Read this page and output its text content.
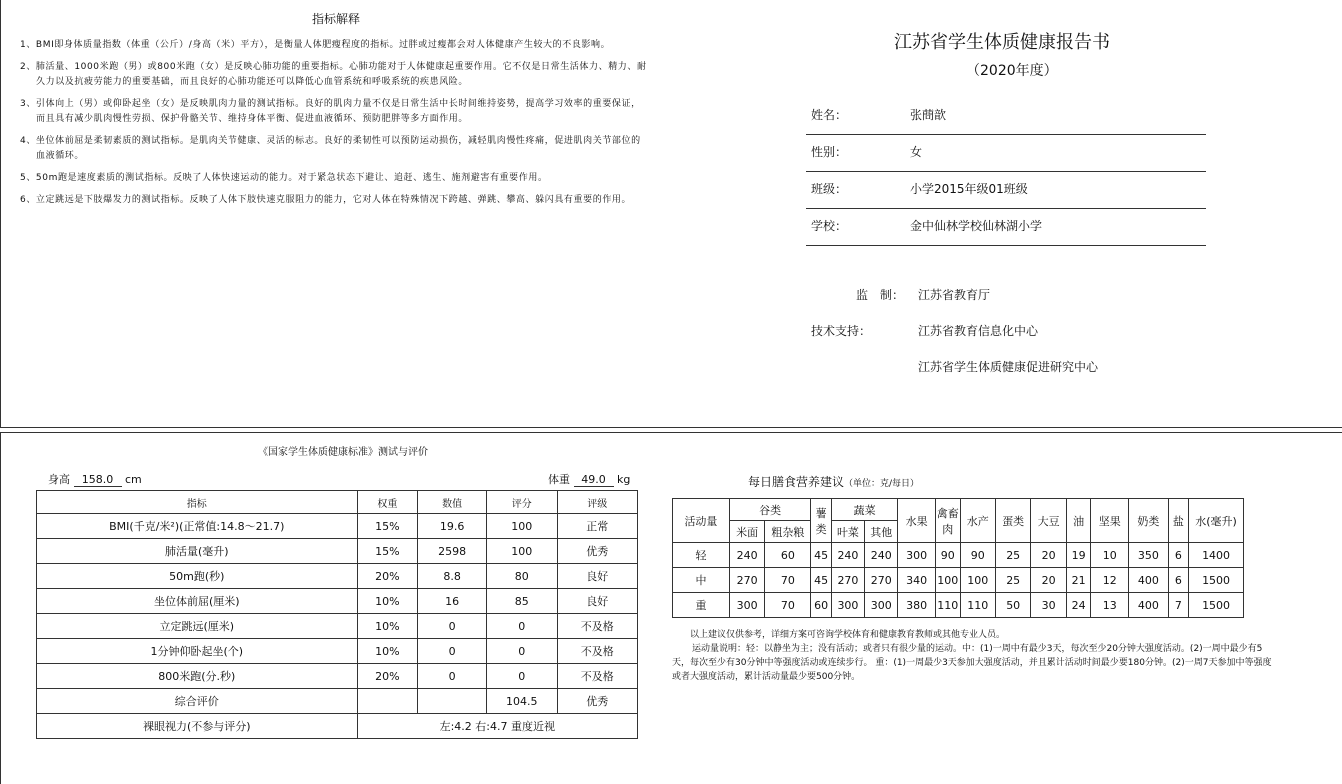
指标解释
1、BMI即身体质量指数（体重（公斤）/身高（米）平方），是衡量人体肥瘦程度的指标。过胖或过瘦都会对人体健康产生较大的不良影响。
2、肺活量、1000米跑（男）或800米跑（女）是反映心肺功能的重要指标。心肺功能对于人体健康起重要作用。它不仅是日常生活体力、精力、耐久力以及抗疲劳能力的重要基础，而且良好的心肺功能还可以降低心血管系统和呼吸系统的疾患风险。
3、引体向上（男）或仰卧起坐（女）是反映肌肉力量的测试指标。良好的肌肉力量不仅是日常生活中长时间维持姿势，提高学习效率的重要保证，而且具有减少肌肉慢性劳损、保护骨骼关节、维持身体平衡、促进血液循环、预防肥胖等多方面作用。
4、坐位体前屈是柔韧素质的测试指标。是肌肉关节健康、灵活的标志。良好的柔韧性可以预防运动损伤，减轻肌肉慢性疼痛，促进肌肉关节部位的血液循环。
5、50m跑是速度素质的测试指标。反映了人体快速运动的能力。对于紧急状态下避让、追赶、逃生、施剂避害有重要作用。
6、立定跳远是下肢爆发力的测试指标。反映了人体下肢快速克服阻力的能力，它对人体在特殊情况下跨越、弹跳、攀高、躲闪具有重要的作用。
江苏省学生体质健康报告书
（2020年度）
姓名：	张蔄歆
性别：	女
班级：	小学2015年级01班级
学校：	金中仙林学校仙林湖小学
监　制： 江苏省教育厅
技术支持：	江苏省教育信息化中心
江苏省学生体质健康促进研究中心
《国家学生体质健康标准》测试与评价
身高 158.0 cm	体重 49.0 kg
指标	权重	数值	评分	评级
BMI(千克/米²)(正常值:14.8～21.7)	15%	19.6	100	正常
肺活量(毫升)	15%	2598	100	优秀
50m跑(秒)	20%	8.8	80	良好
坐位体前屈(厘米)	10%	16	85	良好
立定跳远(厘米)	10%	0	0	不及格
1分钟仰卧起坐(个)	10%	0	0	不及格
800米跑(分.秒)	20%	0	0	不及格
综合评价			104.5	优秀
裸眼视力(不参与评分)	左:4.2 右:4.7 重度近视			
每日膳食营养建议（单位：克/每日）
活动量	谷类		薯类	蔬菜		水果	禽畜肉	水产	蛋类	大豆	油	坚果	奶类	盐	水(毫升)
	米面	粗杂粮		叶菜	其他										
轻	240	60	45	240	240	300	90	90	25	20	19	10	350	6	1400
中	270	70	45	270	270	340	100	100	25	20	21	12	400	6	1500
重	300	70	60	300	300	380	110	110	50	30	24	13	400	7	1500
以上建议仅供参考，详细方案可咨询学校体育和健康教育教师或其他专业人员。
运动量说明：轻：以静坐为主；没有活动；或者只有很少量的运动。中：(1)一周中有最少3天，每次至少20分钟大强度活动。(2)一周中最少有5天，每次至少有30分钟中等强度活动或连续步行。 重：(1)一周最少3天参加大强度活动，并且累计活动时间最少要180分钟。(2)一周7天参加中等强度或者大强度活动，累计活动量最少要500分钟。
